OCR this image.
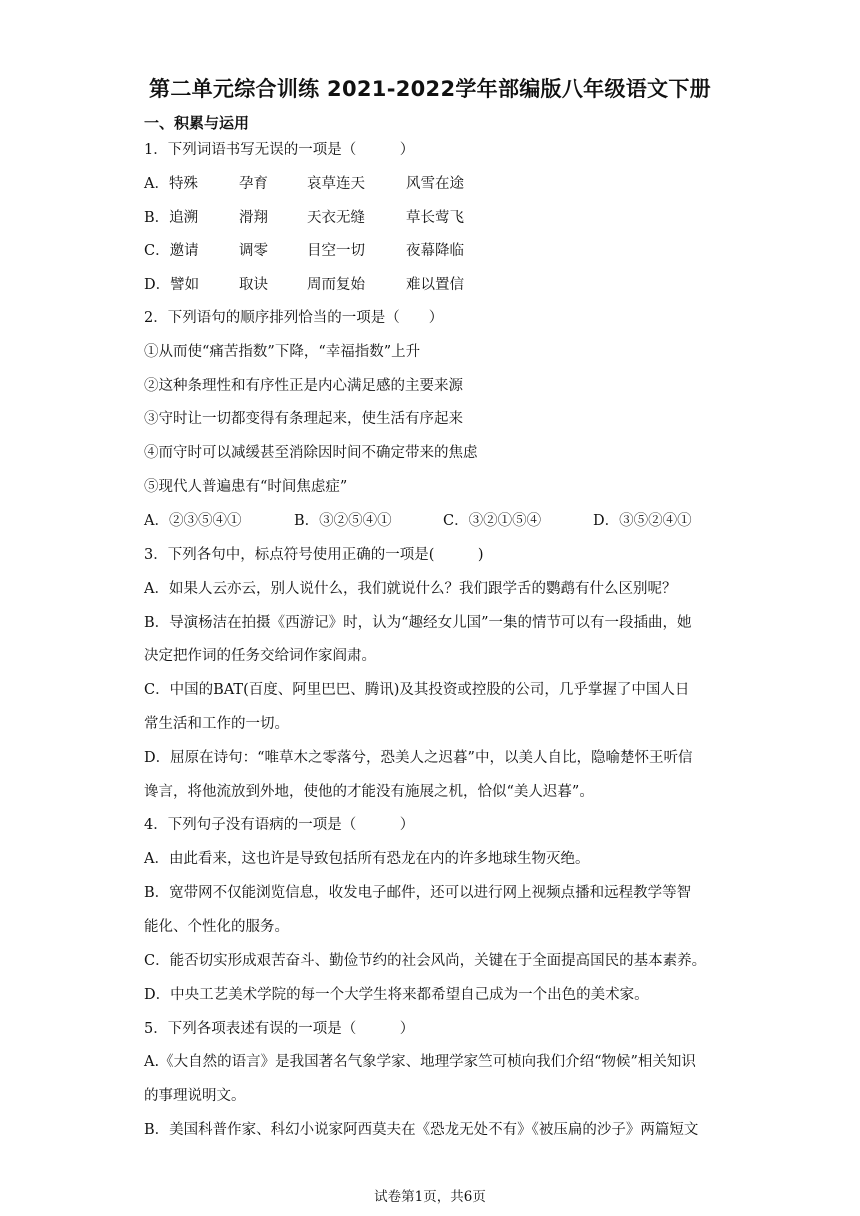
第二单元综合训练 2021-2022学年部编版八年级语文下册
一、积累与运用
1．下列词语书写无误的一项是（　　　）
A．特殊	孕育	哀草连天	风雪在途
B．追溯	滑翔	天衣无缝	草长莺飞
C．邀请	调零	目空一切	夜幕降临
D．譬如	取诀	周而复始	难以置信
2．下列语句的顺序排列恰当的一项是（　　）
①从而使“痛苦指数”下降，“幸福指数”上升
②这种条理性和有序性正是内心满足感的主要来源
③守时让一切都变得有条理起来，使生活有序起来
④而守时可以减缓甚至消除因时间不确定带来的焦虑
⑤现代人普遍患有“时间焦虑症”
A．②③⑤④①	B．③②⑤④①	C．③②①⑤④	D．③⑤②④①
3．下列各句中，标点符号使用正确的一项是(　　　)
A．如果人云亦云，别人说什么，我们就说什么？我们跟学舌的鹦鹉有什么区别呢？
B．导演杨洁在拍摄《西游记》时，认为“趣经女儿国”一集的情节可以有一段插曲，她
决定把作词的任务交给词作家阎肃。
C．中国的BAT(百度、阿里巴巴、腾讯)及其投资或控股的公司，几乎掌握了中国人日
常生活和工作的一切。
D．屈原在诗句：“唯草木之零落兮，恐美人之迟暮”中，以美人自比，隐喻楚怀王听信
谗言，将他流放到外地，使他的才能没有施展之机，恰似“美人迟暮”。
4．下列句子没有语病的一项是（　　　）
A．由此看来，这也许是导致包括所有恐龙在内的许多地球生物灭绝。
B．宽带网不仅能浏览信息，收发电子邮件，还可以进行网上视频点播和远程教学等智
能化、个性化的服务。
C．能否切实形成艰苦奋斗、勤俭节约的社会风尚，关键在于全面提高国民的基本素养。
D．中央工艺美术学院的每一个大学生将来都希望自己成为一个出色的美术家。
5．下列各项表述有误的一项是（　　　）
A.《大自然的语言》是我国著名气象学家、地理学家竺可桢向我们介绍“物候”相关知识
的事理说明文。
B．美国科普作家、科幻小说家阿西莫夫在《恐龙无处不有》《被压扁的沙子》两篇短文
试卷第1页，共6页
